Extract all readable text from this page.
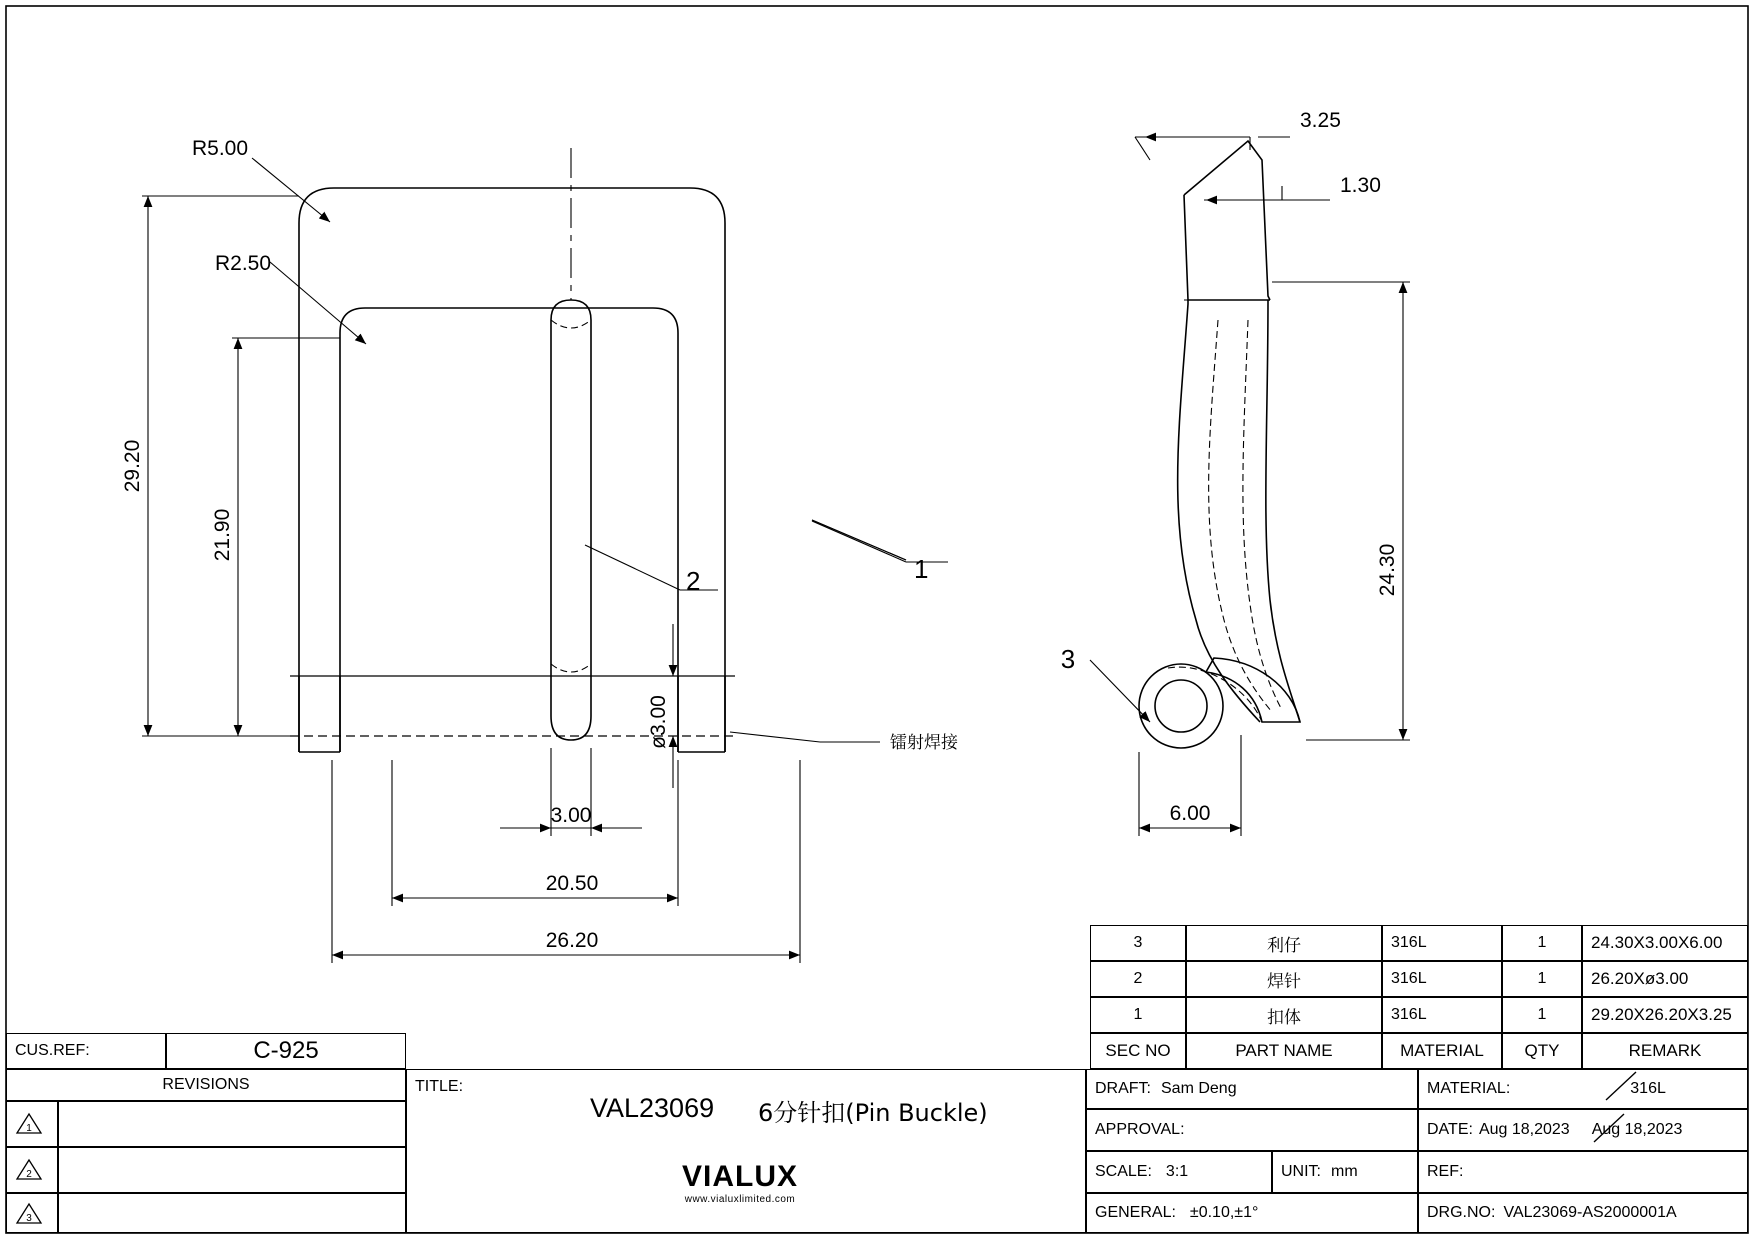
29.20
21.90
R5.00
R2.50
1
2
ø3.00	镭射焊接
3.00
20.50
26.20
3
3.25
1.30
24.30
6.00
3	利仔	316L	1	24.30X3.00X6.00
2	焊针	316L	1	26.20Xø3.00
1	扣体	316L	1	29.20X26.20X3.25
SEC NO	PART NAME	MATERIAL QTY	REMARK
CUS.REF:	C-925
REVISIONS
1
2
3
TITLE:
VAL23069 6分针扣(Pin Buckle)
VIALUX
www.vialuxlimited.com
DRAFT: Sam Deng	MATERIAL:	316L
APPROVAL:	DATE: Aug 18,2023	Aug 18,2023
SCALE: 3:1	UNIT: mm	REF:
GENERAL: ±0.10,±1°	DRG.NO: VAL23069-AS2000001A
